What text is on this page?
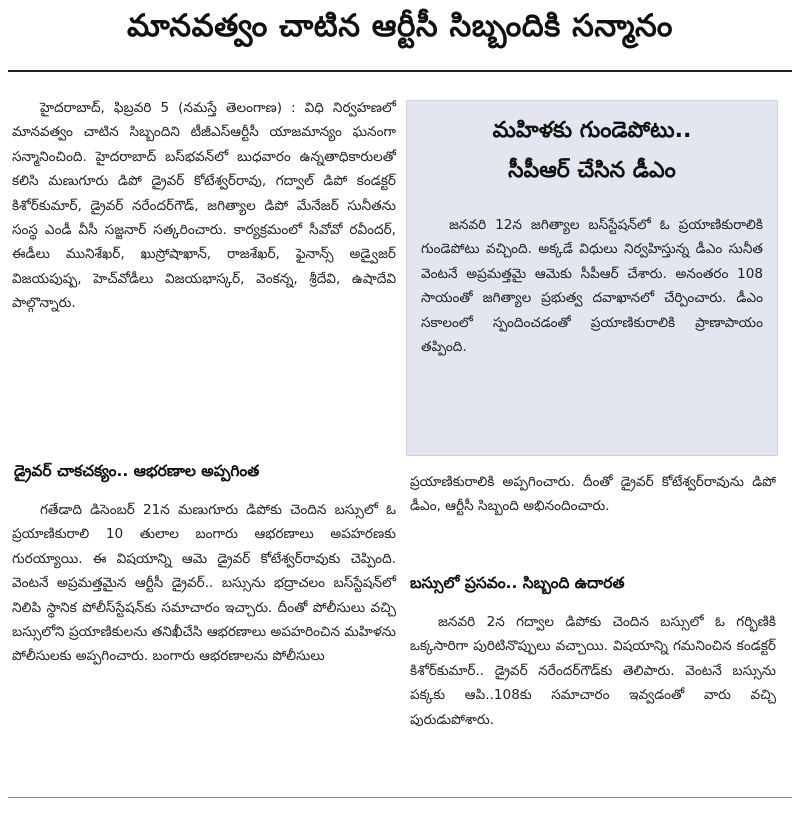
మానవత్వం చాటిన ఆర్టీసీ సిబ్బందికి సన్మానం

హైదరాబాద్, ఫిబ్రవరి 5 (నమస్తే తెలంగాణ) : విధి నిర్వహణలో మానవత్వం చాటిన సిబ్బందిని టీజీఎస్‌ఆర్టీసీ యాజమాన్యం ఘనంగా సన్మానించింది. హైదరాబాద్ బస్‌భవన్‌లో బుధవారం ఉన్నతాధికారులతో కలిసి మణుగూరు డిపో డ్రైవర్ కోటేశ్వర్‌రావు, గద్వాల్ డిపో కండక్టర్ కిశోర్‌కుమార్, డ్రైవర్ నరేందర్‌గౌడ్, జగిత్యాల డిపో మేనేజర్ సునీతను సంస్థ ఎండీ వీసీ సజ్జనార్ సత్కరించారు. కార్యక్రమంలో సీవోవో రవీందర్, ఈడీలు మునిశేఖర్, ఖుస్రోషాఖాన్, రాజశేఖర్, ఫైనాన్స్ అడ్వైజర్ విజయపుష్ప, హెచ్‌వోడీలు విజయభాస్కర్, వెంకన్న, శ్రీదేవి, ఉషాదేవి పాల్గొన్నారు.

డ్రైవర్ చాకచక్యం.. ఆభరణాల అప్పగింత

గతేడాది డిసెంబర్ 21న మణుగూరు డిపోకు చెందిన బస్సులో ఓ ప్రయాణికురాలి 10 తులాల బంగారు ఆభరణాలు అపహరణకు గురయ్యాయి. ఈ విషయాన్ని ఆమె డ్రైవర్ కోటేశ్వర్‌రావుకు చెప్పింది. వెంటనే అప్రమత్తమైన ఆర్టీసీ డ్రైవర్.. బస్సును భద్రాచలం బస్‌స్టేషన్‌లో నిలిపి స్థానిక పోలీస్‌స్టేషన్‌కు సమాచారం ఇచ్చారు. దీంతో పోలీసులు వచ్చి బస్సులోని ప్రయాణికులను తనిఖీచేసి ఆభరణాలు అపహరించిన మహిళను పోలీసులకు అప్పగించారు. బంగారు ఆభరణాలను పోలీసులు

మహిళకు గుండెపోటు..
సీపీఆర్ చేసిన డీఎం

జనవరి 12న జగిత్యాల బస్‌స్టేషన్‌లో ఓ ప్రయాణికురాలికి గుండెపోటు వచ్చింది. అక్కడే విధులు నిర్వహిస్తున్న డీఎం సునీత వెంటనే అప్రమత్తమై ఆమెకు సీపీఆర్ చేశారు. అనంతరం 108 సాయంతో జగిత్యాల ప్రభుత్వ దవాఖానలో చేర్పించారు. డీఎం సకాలంలో స్పందించడంతో ప్రయాణికురాలికి ప్రాణాపాయం తప్పింది.

ప్రయాణికురాలికి అప్పగించారు. దీంతో డ్రైవర్ కోటేశ్వర్‌రావును డిపో డీఎం, ఆర్టీసీ సిబ్బంది అభినందించారు.

బస్సులో ప్రసవం.. సిబ్బంది ఉదారత

జనవరి 2న గద్వాల డిపోకు చెందిన బస్సులో ఓ గర్భిణికి ఒక్కసారిగా పురిటినొప్పులు వచ్చాయి. విషయాన్ని గమనించిన కండక్టర్ కిశోర్‌కుమార్.. డ్రైవర్ నరేందర్‌గౌడ్‌కు తెలిపారు. వెంటనే బస్సును పక్కకు ఆపి..108కు సమాచారం ఇవ్వడంతో వారు వచ్చి పురుడుపోశారు.
